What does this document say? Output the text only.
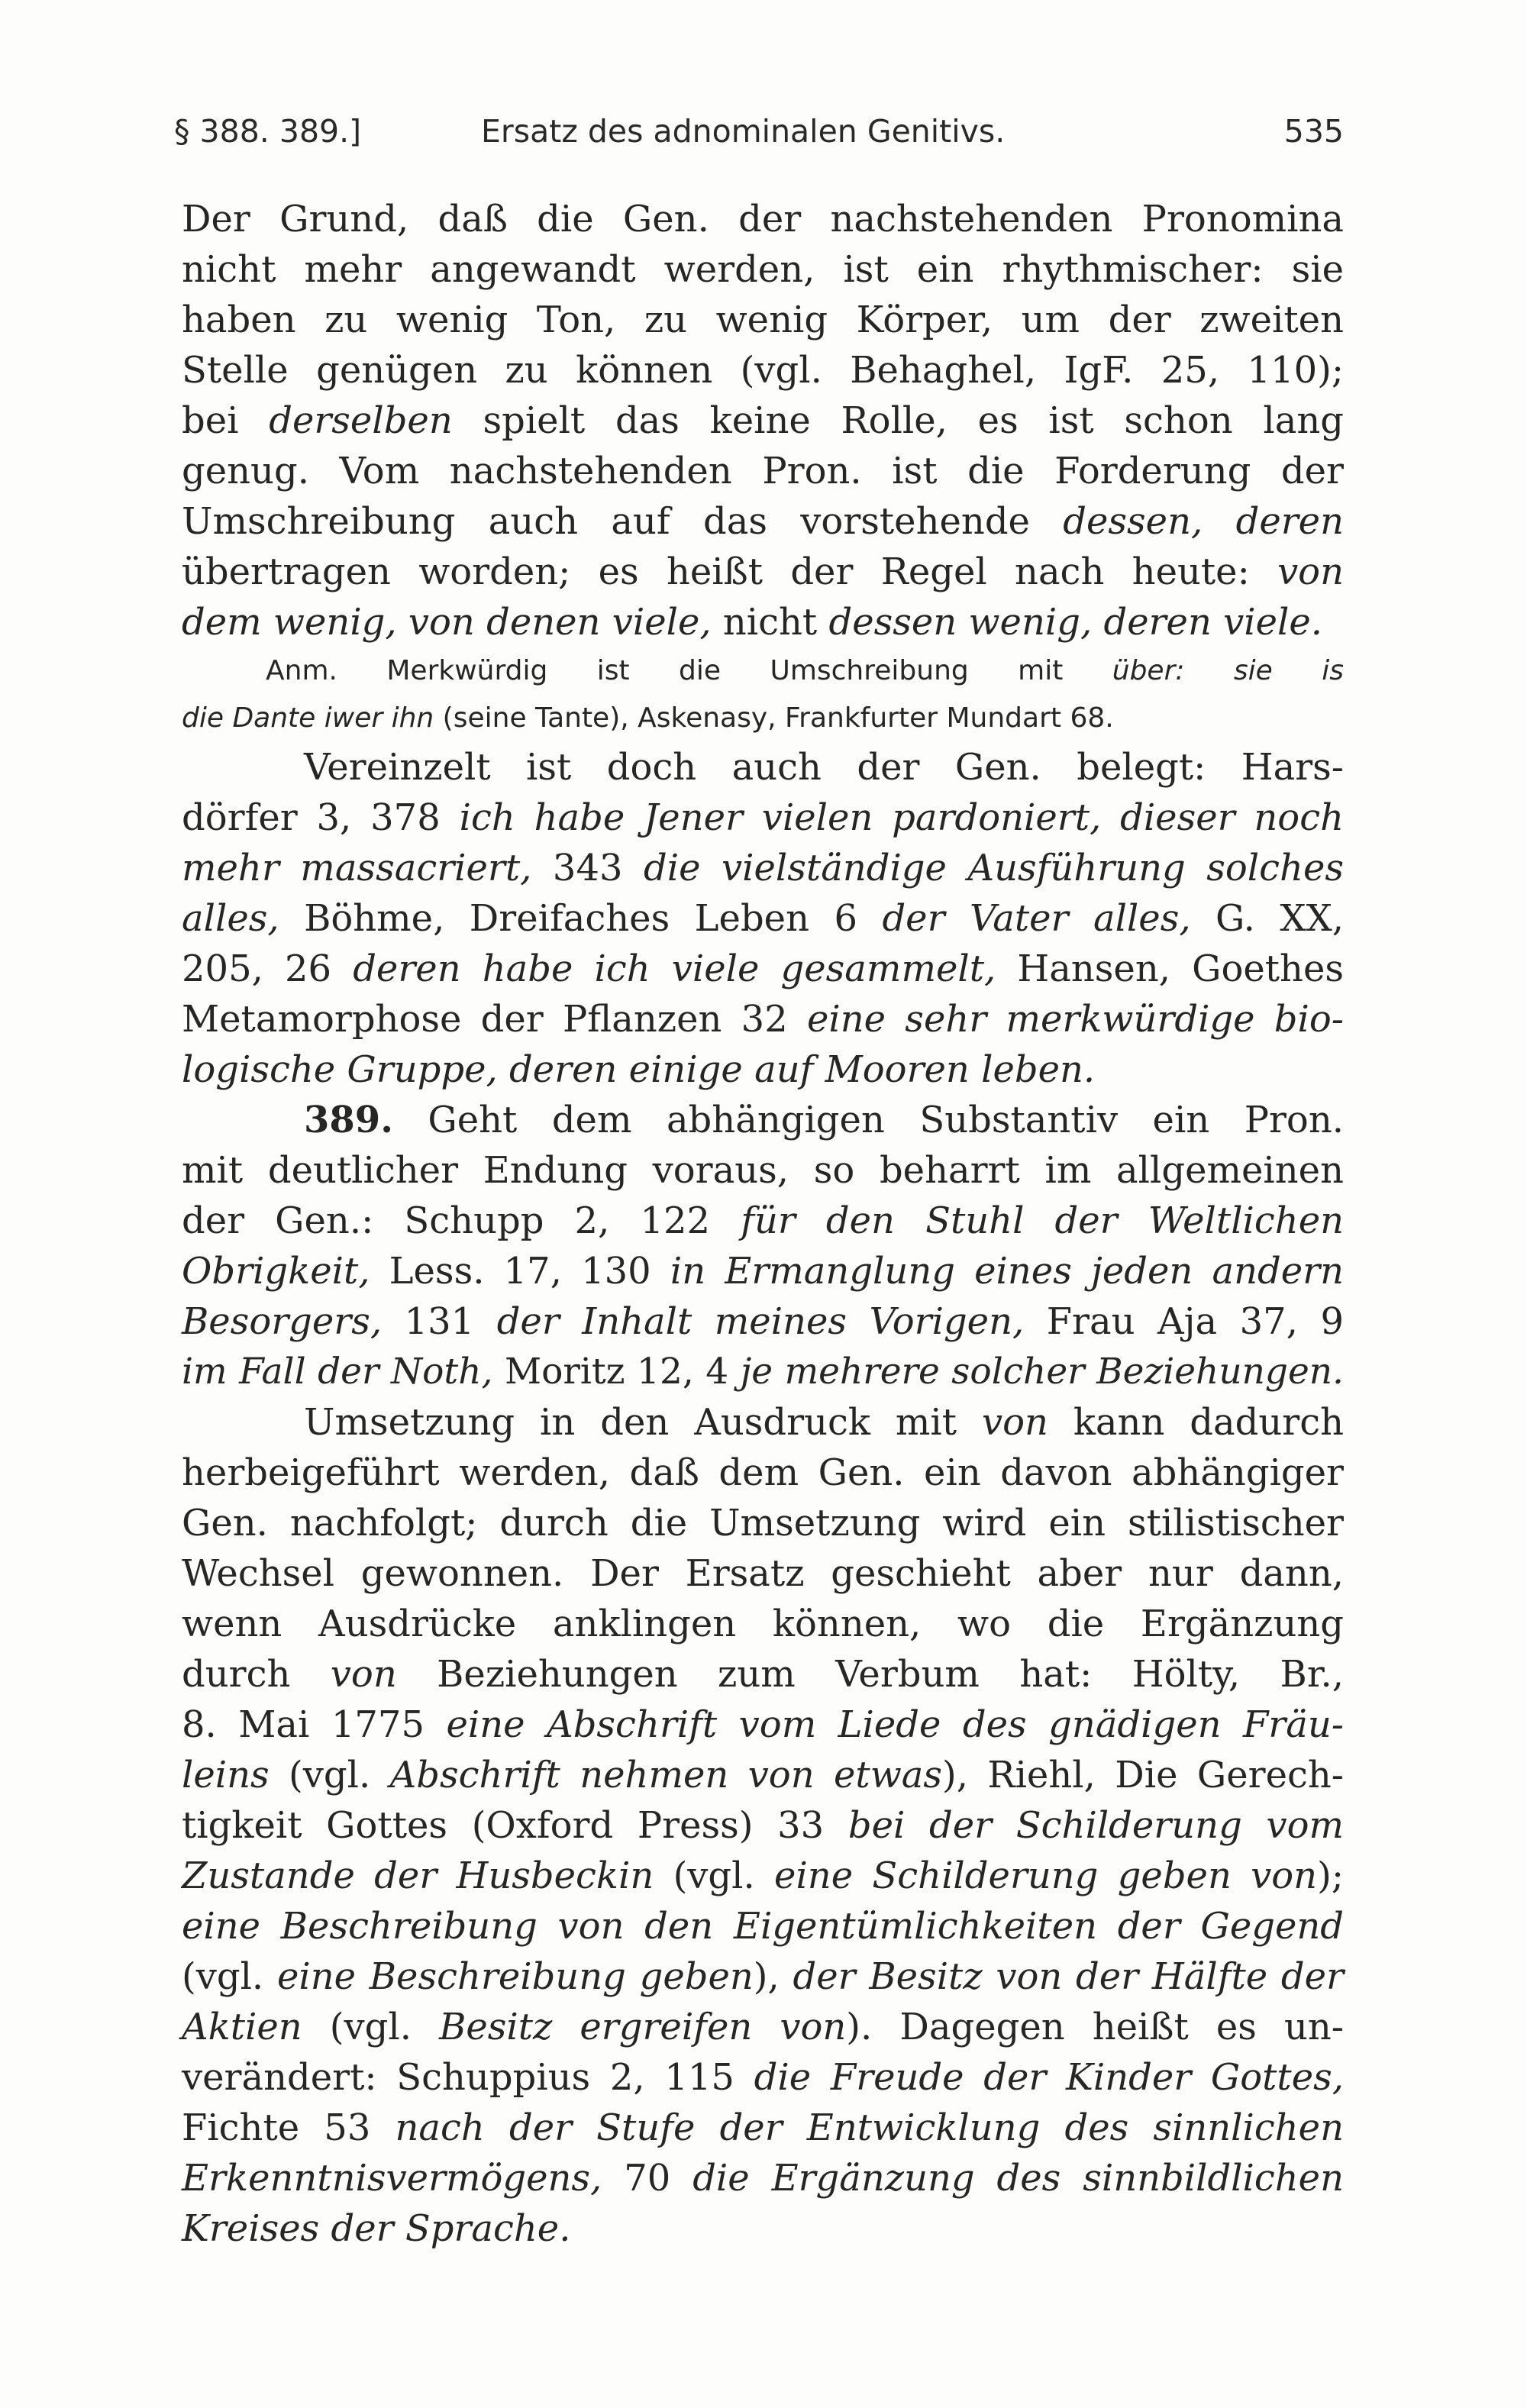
§ 388. 389.]	Ersatz des adnominalen Genitivs.	535
Der Grund, daß die Gen. der nachstehenden Pronomina
nicht mehr angewandt werden, ist ein rhythmischer: sie
haben zu wenig Ton, zu wenig Körper, um der zweiten
Stelle genügen zu können (vgl. Behaghel, IgF. 25, 110);
bei derselben spielt das keine Rolle, es ist schon lang
genug. Vom nachstehenden Pron. ist die Forderung der
Umschreibung auch auf das vorstehende dessen, deren
übertragen worden; es heißt der Regel nach heute: von
dem wenig, von denen viele, nicht dessen wenig, deren viele.
Anm. Merkwürdig ist die Umschreibung mit über: sie is
die Dante iwer ihn (seine Tante), Askenasy, Frankfurter Mundart 68.
Vereinzelt ist doch auch der Gen. belegt: Hars-
dörfer 3, 378 ich habe Jener vielen pardoniert, dieser noch
mehr massacriert, 343 die vielständige Ausführung solches
alles, Böhme, Dreifaches Leben 6 der Vater alles, G. XX,
205, 26 deren habe ich viele gesammelt, Hansen, Goethes
Metamorphose der Pflanzen 32 eine sehr merkwürdige bio-
logische Gruppe, deren einige auf Mooren leben.
389. Geht dem abhängigen Substantiv ein Pron.
mit deutlicher Endung voraus, so beharrt im allgemeinen
der Gen.: Schupp 2, 122 für den Stuhl der Weltlichen
Obrigkeit, Less. 17, 130 in Ermanglung eines jeden andern
Besorgers, 131 der Inhalt meines Vorigen, Frau Aja 37, 9
im Fall der Noth, Moritz 12, 4 je mehrere solcher Beziehungen.
Umsetzung in den Ausdruck mit von kann dadurch
herbeigeführt werden, daß dem Gen. ein davon abhängiger
Gen. nachfolgt; durch die Umsetzung wird ein stilistischer
Wechsel gewonnen. Der Ersatz geschieht aber nur dann,
wenn Ausdrücke anklingen können, wo die Ergänzung
durch von Beziehungen zum Verbum hat: Hölty, Br.,
8. Mai 1775 eine Abschrift vom Liede des gnädigen Fräu-
leins (vgl. Abschrift nehmen von etwas), Riehl, Die Gerech-
tigkeit Gottes (Oxford Press) 33 bei der Schilderung vom
Zustande der Husbeckin (vgl. eine Schilderung geben von);
eine Beschreibung von den Eigentümlichkeiten der Gegend
(vgl. eine Beschreibung geben), der Besitz von der Hälfte der
Aktien (vgl. Besitz ergreifen von). Dagegen heißt es un-
verändert: Schuppius 2, 115 die Freude der Kinder Gottes,
Fichte 53 nach der Stufe der Entwicklung des sinnlichen
Erkenntnisvermögens, 70 die Ergänzung des sinnbildlichen
Kreises der Sprache.
